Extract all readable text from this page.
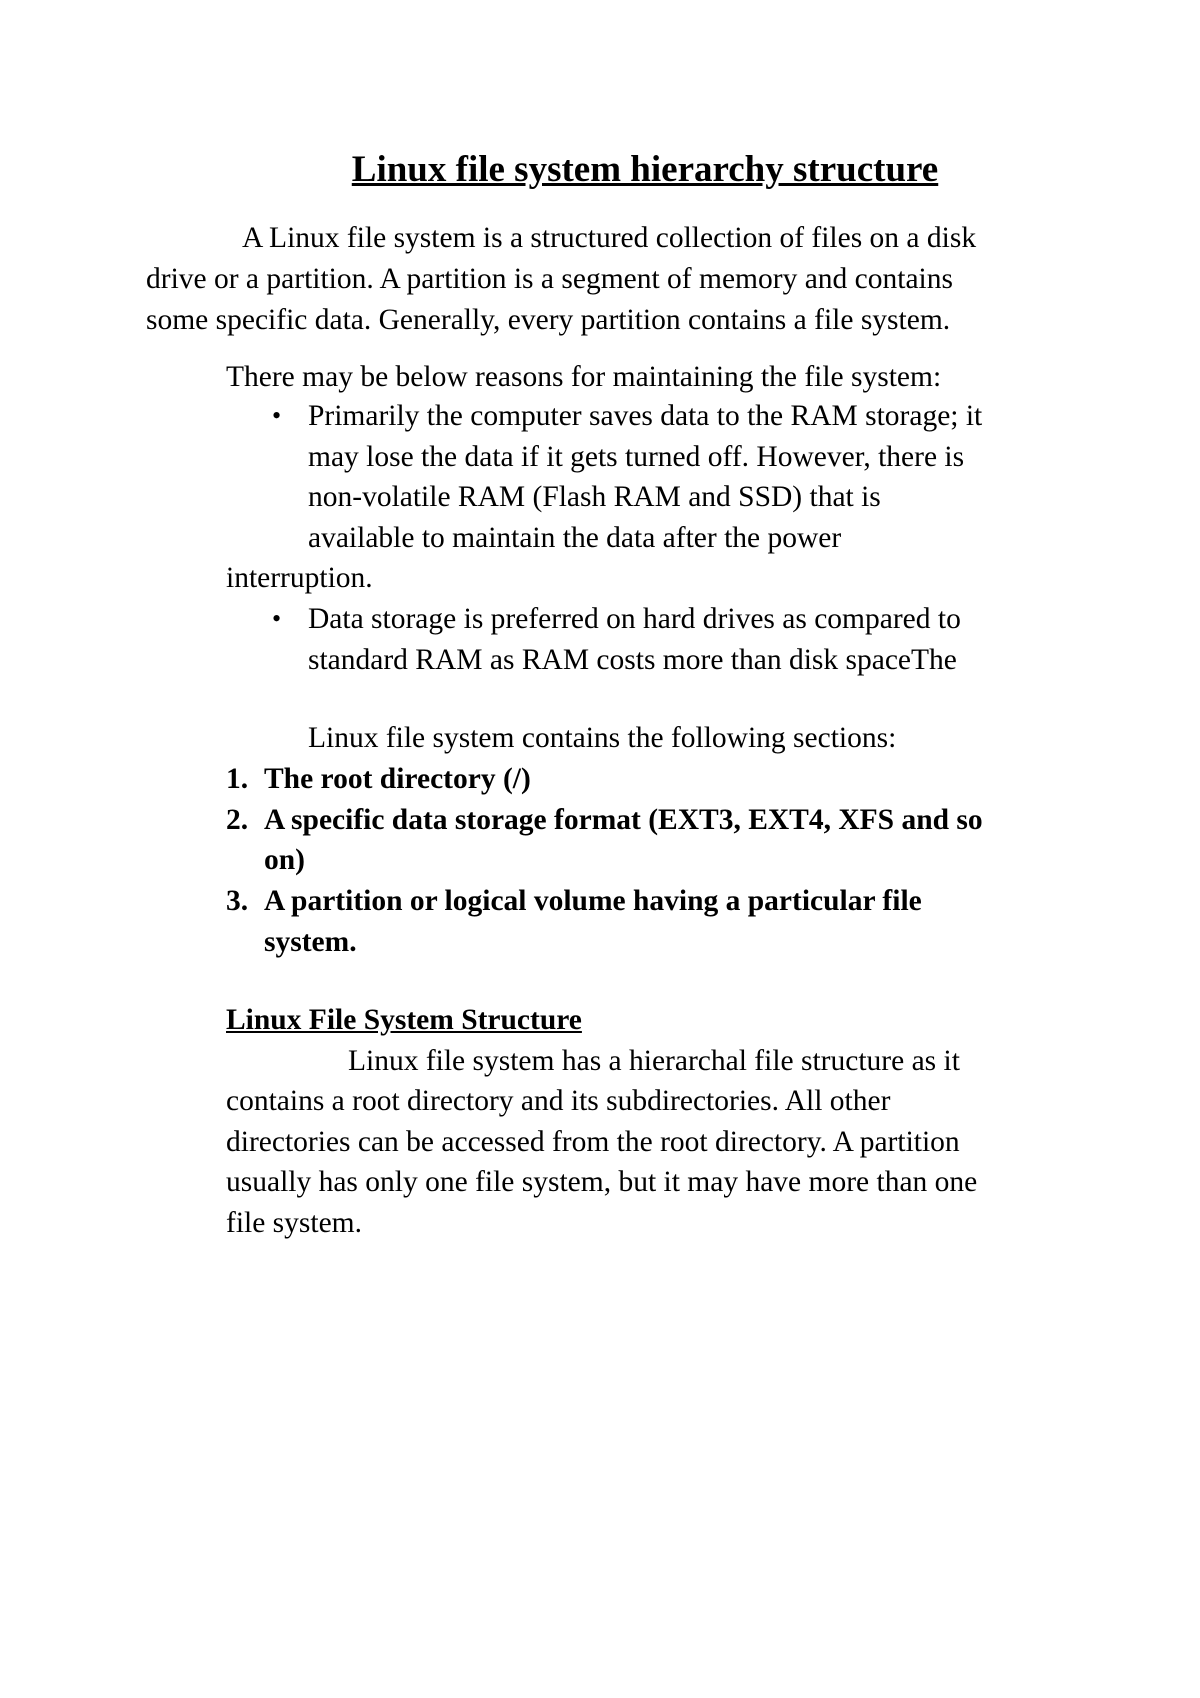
Linux file system hierarchy structure
A Linux file system is a structured collection of files on a disk
drive or a partition. A partition is a segment of memory and contains
some specific data. Generally, every partition contains a file system.
There may be below reasons for maintaining the file system:
• Primarily the computer saves data to the RAM storage; it
may lose the data if it gets turned off. However, there is
non-volatile RAM (Flash RAM and SSD) that is
available to maintain the data after the power
interruption.
• Data storage is preferred on hard drives as compared to
standard RAM as RAM costs more than disk spaceThe
Linux file system contains the following sections:
1. The root directory (/)
2. A specific data storage format (EXT3, EXT4, XFS and so
on)
3. A partition or logical volume having a particular file
system.
Linux File System Structure
Linux file system has a hierarchal file structure as it
contains a root directory and its subdirectories. All other
directories can be accessed from the root directory. A partition
usually has only one file system, but it may have more than one
file system.
